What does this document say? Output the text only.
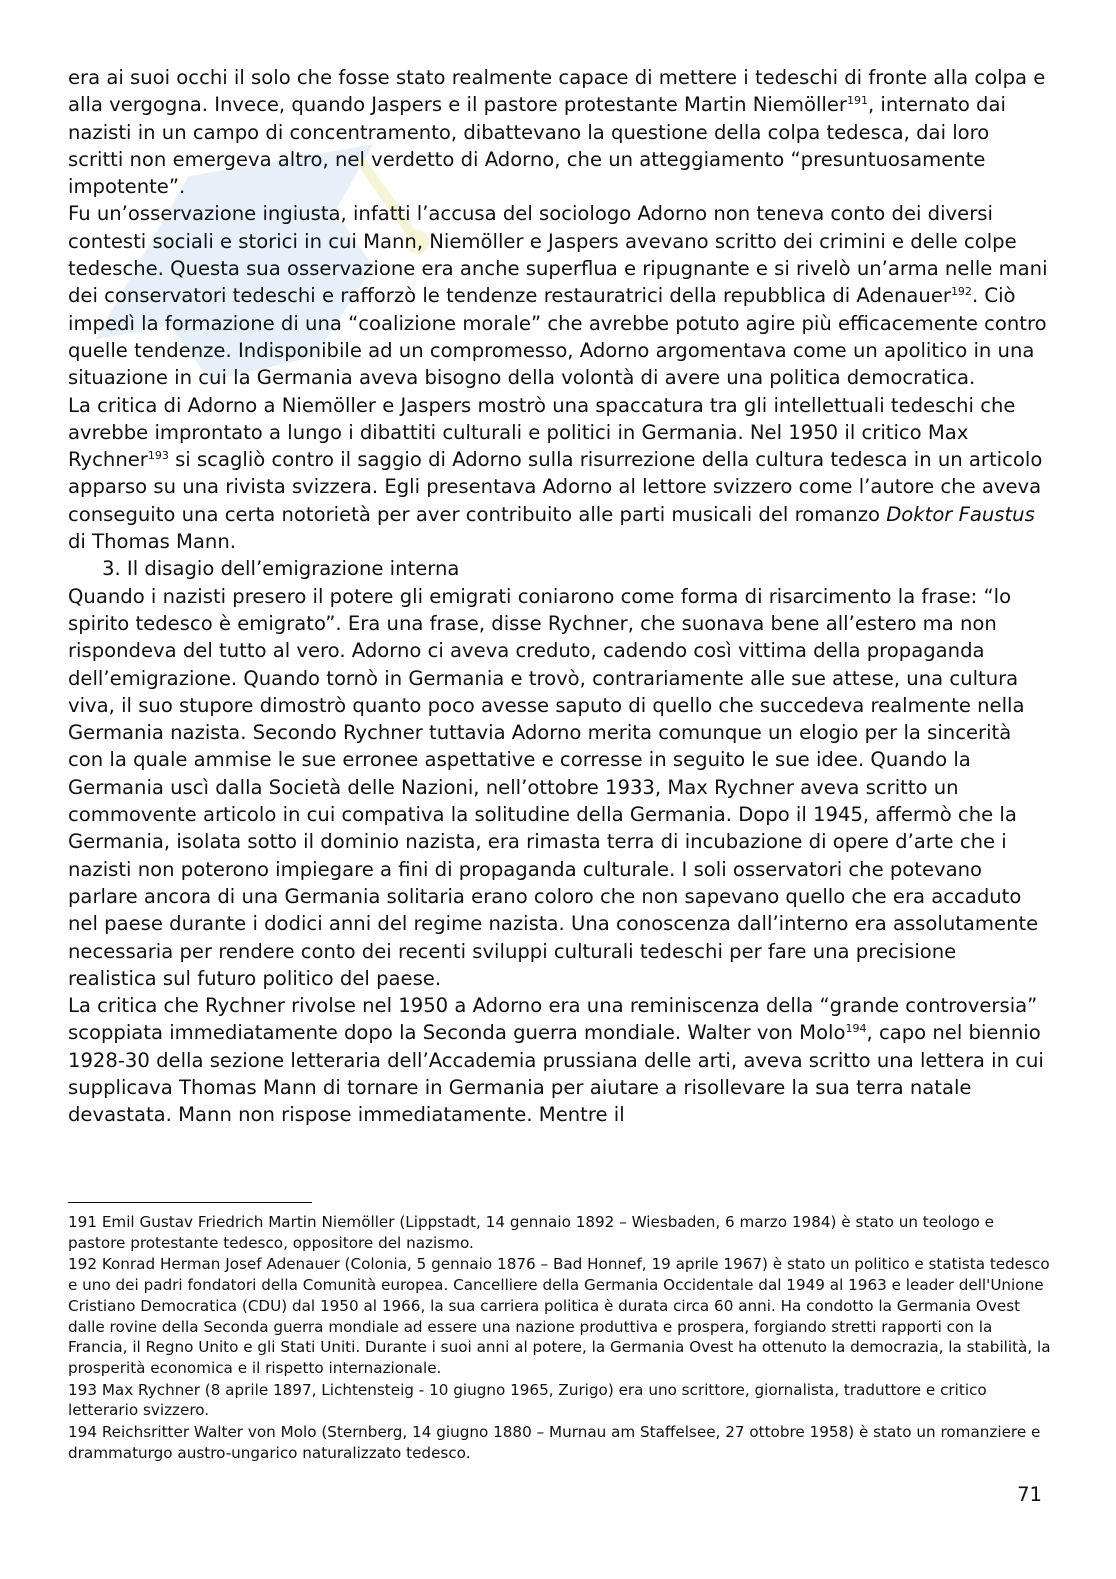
era ai suoi occhi il solo che fosse stato realmente capace di mettere i tedeschi di fronte alla colpa e alla vergogna. Invece, quando Jaspers e il pastore protestante Martin Niemöller$^{191}$, internato dai nazisti in un campo di concentramento, dibattevano la questione della colpa tedesca, dai loro scritti non emergeva altro, nel verdetto di Adorno, che un atteggiamento “presuntuosamente impotente”.

Fu un’osservazione ingiusta, infatti l’accusa del sociologo Adorno non teneva conto dei diversi contesti sociali e storici in cui Mann, Niemöller e Jaspers avevano scritto dei crimini e delle colpe tedesche. Questa sua osservazione era anche superflua e ripugnante e si rivelò un’arma nelle mani dei conservatori tedeschi e rafforzò le tendenze restauratrici della repubblica di Adenauer$^{192}$. Ciò impedì la formazione di una “coalizione morale” che avrebbe potuto agire più efficacemente contro quelle tendenze. Indisponibile ad un compromesso, Adorno argomentava come un apolitico in una situazione in cui la Germania aveva bisogno della volontà di avere una politica democratica.

La critica di Adorno a Niemöller e Jaspers mostrò una spaccatura tra gli intellettuali tedeschi che avrebbe improntato a lungo i dibattiti culturali e politici in Germania. Nel 1950 il critico Max Rychner$^{193}$ si scagliò contro il saggio di Adorno sulla risurrezione della cultura tedesca in un articolo apparso su una rivista svizzera. Egli presentava Adorno al lettore svizzero come l’autore che aveva conseguito una certa notorietà per aver contribuito alle parti musicali del romanzo Doktor Faustus di Thomas Mann.

3. Il disagio dell’emigrazione interna

Quando i nazisti presero il potere gli emigrati coniarono come forma di risarcimento la frase: “lo spirito tedesco è emigrato”. Era una frase, disse Rychner, che suonava bene all’estero ma non rispondeva del tutto al vero. Adorno ci aveva creduto, cadendo così vittima della propaganda dell’emigrazione. Quando tornò in Germania e trovò, contrariamente alle sue attese, una cultura viva, il suo stupore dimostrò quanto poco avesse saputo di quello che succedeva realmente nella Germania nazista. Secondo Rychner tuttavia Adorno merita comunque un elogio per la sincerità con la quale ammise le sue erronee aspettative e corresse in seguito le sue idee. Quando la Germania uscì dalla Società delle Nazioni, nell’ottobre 1933, Max Rychner aveva scritto un commovente articolo in cui compativa la solitudine della Germania. Dopo il 1945, affermò che la Germania, isolata sotto il dominio nazista, era rimasta terra di incubazione di opere d’arte che i nazisti non poterono impiegare a fini di propaganda culturale. I soli osservatori che potevano parlare ancora di una Germania solitaria erano coloro che non sapevano quello che era accaduto nel paese durante i dodici anni del regime nazista. Una conoscenza dall’interno era assolutamente necessaria per rendere conto dei recenti sviluppi culturali tedeschi per fare una precisione realistica sul futuro politico del paese.

La critica che Rychner rivolse nel 1950 a Adorno era una reminiscenza della “grande controversia” scoppiata immediatamente dopo la Seconda guerra mondiale. Walter von Molo$^{194}$, capo nel biennio 1928-30 della sezione letteraria dell’Accademia prussiana delle arti, aveva scritto una lettera in cui supplicava Thomas Mann di tornare in Germania per aiutare a risollevare la sua terra natale devastata. Mann non rispose immediatamente. Mentre il

191 Emil Gustav Friedrich Martin Niemöller (Lippstadt, 14 gennaio 1892 – Wiesbaden, 6 marzo 1984) è stato un teologo e pastore protestante tedesco, oppositore del nazismo.

192 Konrad Herman Josef Adenauer (Colonia, 5 gennaio 1876 – Bad Honnef, 19 aprile 1967) è stato un politico e statista tedesco e uno dei padri fondatori della Comunità europea. Cancelliere della Germania Occidentale dal 1949 al 1963 e leader dell'Unione Cristiano Democratica (CDU) dal 1950 al 1966, la sua carriera politica è durata circa 60 anni. Ha condotto la Germania Ovest dalle rovine della Seconda guerra mondiale ad essere una nazione produttiva e prospera, forgiando stretti rapporti con la Francia, il Regno Unito e gli Stati Uniti. Durante i suoi anni al potere, la Germania Ovest ha ottenuto la democrazia, la stabilità, la prosperità economica e il rispetto internazionale.

193 Max Rychner (8 aprile 1897, Lichtensteig - 10 giugno 1965, Zurigo) era uno scrittore, giornalista, traduttore e critico letterario svizzero.

194 Reichsritter Walter von Molo (Sternberg, 14 giugno 1880 – Murnau am Staffelsee, 27 ottobre 1958) è stato un romanziere e drammaturgo austro-ungarico naturalizzato tedesco.

71
